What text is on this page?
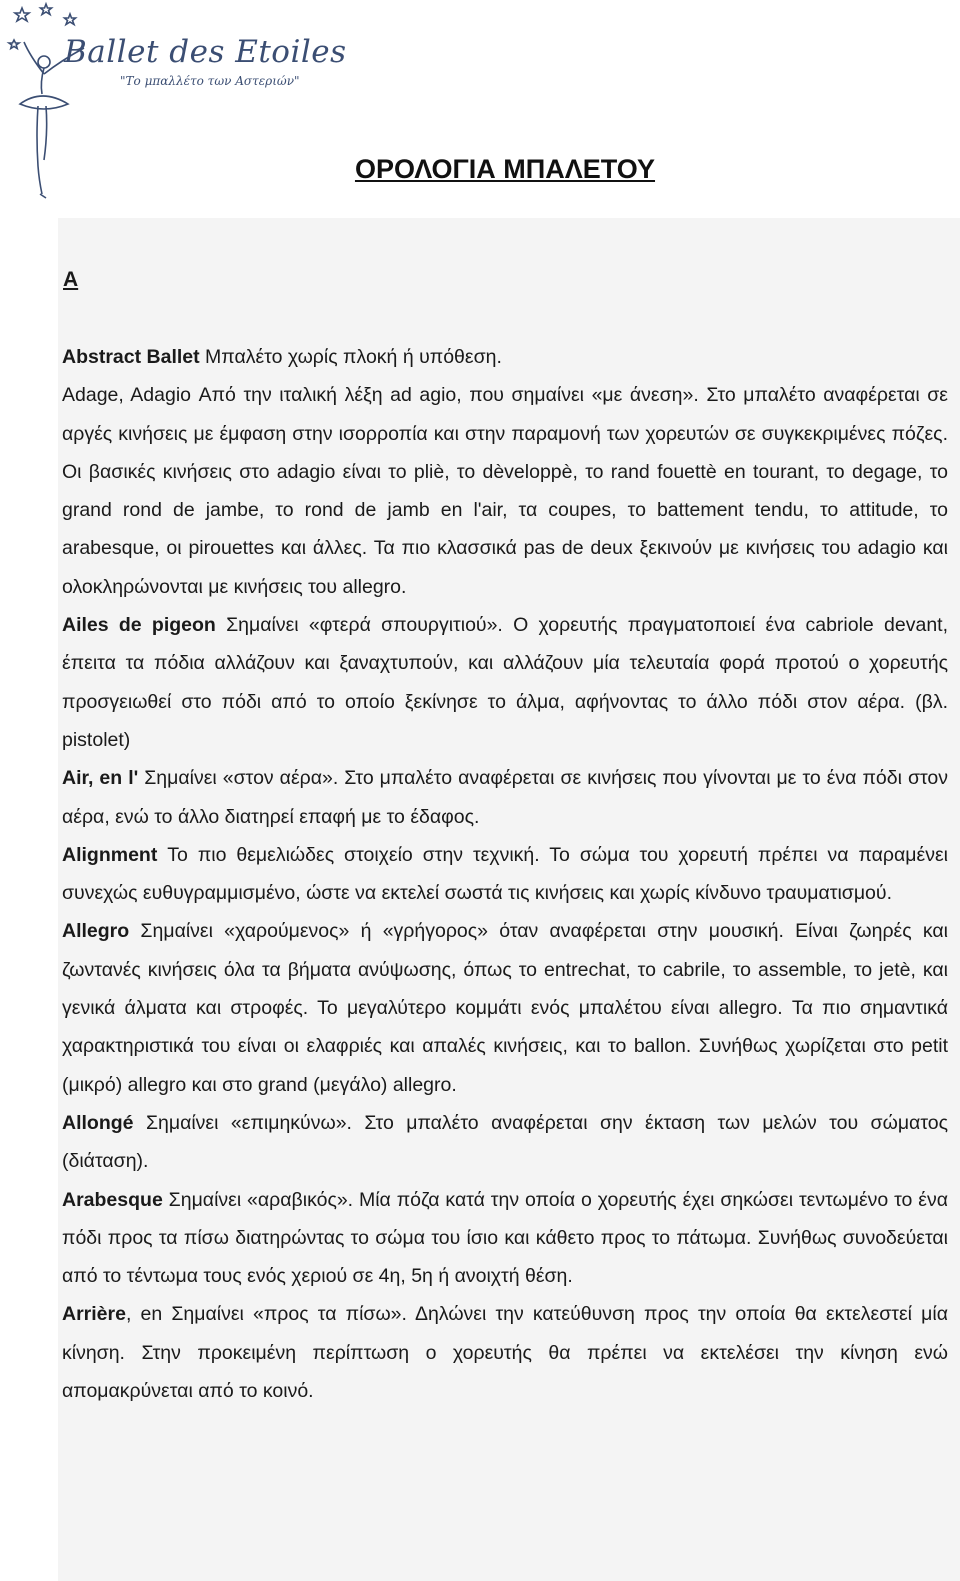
Ballet des Etoiles
"Το μπαλλέτο των Αστεριών"
ΟΡΟΛΟΓΙΑ ΜΠΑΛΕΤΟΥ
Α

Abstract Ballet Μπαλέτο χωρίς πλοκή ή υπόθεση.

Adage, Adagio Από την ιταλική λέξη ad agio, που σημαίνει «με άνεση». Στο μπαλέτο αναφέρεται σε αργές κινήσεις με έμφαση στην ισορροπία και στην παραμονή των χορευτών σε συγκεκριμένες πόζες. Οι βασικές κινήσεις στο adagio είναι το pliè, το dèveloppè, το rand fouettè en tourant, το degage, το grand rond de jambe, το rond de jamb en l'air, τα coupes, το battement tendu, το attitude, το arabesque, οι pirouettes και άλλες. Τα πιο κλασσικά pas de deux ξεκινούν με κινήσεις του adagio και ολοκληρώνονται με κινήσεις του allegro.

Ailes de pigeon Σημαίνει «φτερά σπουργιτιού». Ο χορευτής πραγματοποιεί ένα cabriole devant, έπειτα τα πόδια αλλάζουν και ξαναχτυπούν, και αλλάζουν μία τελευταία φορά προτού ο χορευτής προσγειωθεί στο πόδι από το οποίο ξεκίνησε το άλμα, αφήνοντας το άλλο πόδι στον αέρα. (βλ. pistolet)

Air, en l' Σημαίνει «στον αέρα». Στο μπαλέτο αναφέρεται σε κινήσεις που γίνονται με το ένα πόδι στον αέρα, ενώ το άλλο διατηρεί επαφή με το έδαφος.

Alignment Το πιο θεμελιώδες στοιχείο στην τεχνική. Το σώμα του χορευτή πρέπει να παραμένει συνεχώς ευθυγραμμισμένο, ώστε να εκτελεί σωστά τις κινήσεις και χωρίς κίνδυνο τραυματισμού.

Allegro Σημαίνει «χαρούμενος» ή «γρήγορος» όταν αναφέρεται στην μουσική. Είναι ζωηρές και ζωντανές κινήσεις όλα τα βήματα ανύψωσης, όπως το entrechat, το cabrile, το assemble, το jetè, και γενικά άλματα και στροφές. Το μεγαλύτερο κομμάτι ενός μπαλέτου είναι allegro. Τα πιο σημαντικά χαρακτηριστικά του είναι οι ελαφριές και απαλές κινήσεις, και το ballon. Συνήθως χωρίζεται στο petit (μικρό) allegro και στο grand (μεγάλο) allegro.

Allongé Σημαίνει «επιμηκύνω». Στο μπαλέτο αναφέρεται σην έκταση των μελών του σώματος (διάταση).

Arabesque Σημαίνει «αραβικός». Μία πόζα κατά την οποία ο χορευτής έχει σηκώσει τεντωμένο το ένα πόδι προς τα πίσω διατηρώντας το σώμα του ίσιο και κάθετο προς το πάτωμα. Συνήθως συνοδεύεται από το τέντωμα τους ενός χεριού σε 4η, 5η ή ανοιχτή θέση.

Arrière, en Σημαίνει «προς τα πίσω». Δηλώνει την κατεύθυνση προς την οποία θα εκτελεστεί μία κίνηση. Στην προκειμένη περίπτωση ο χορευτής θα πρέπει να εκτελέσει την κίνηση ενώ απομακρύνεται από το κοινό.
